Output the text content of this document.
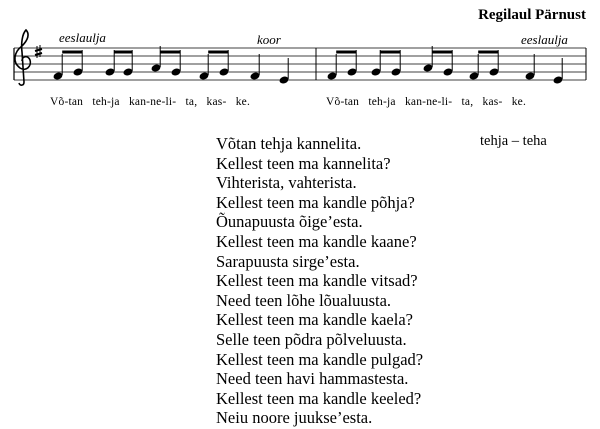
Regilaul Pärnust
eeslaulja	koor	eeslaulja
Võ-tan   teh-ja   kan-ne-li-   ta,   kas-   ke.	Võ-tan   teh-ja   kan-ne-li-   ta,   kas-   ke.
Võtan tehja kannelita.
Kellest teen ma kannelita?
Vihteristа, vahteristа.
Kellest teen ma kandle põhja?
Õunapuusta õige’esta.
Kellest teen ma kandle kaane?
Sarapuusta sirge’esta.
Kellest teen ma kandle vitsad?
Need teen lõhe lõualuusta.
Kellest teen ma kandle kaela?
Selle teen põdra põlveluusta.
Kellest teen ma kandle pulgad?
Need teen havi hammastesta.
Kellest teen ma kandle keeled?
Neiu noore juukse’esta.
tehja – teha
